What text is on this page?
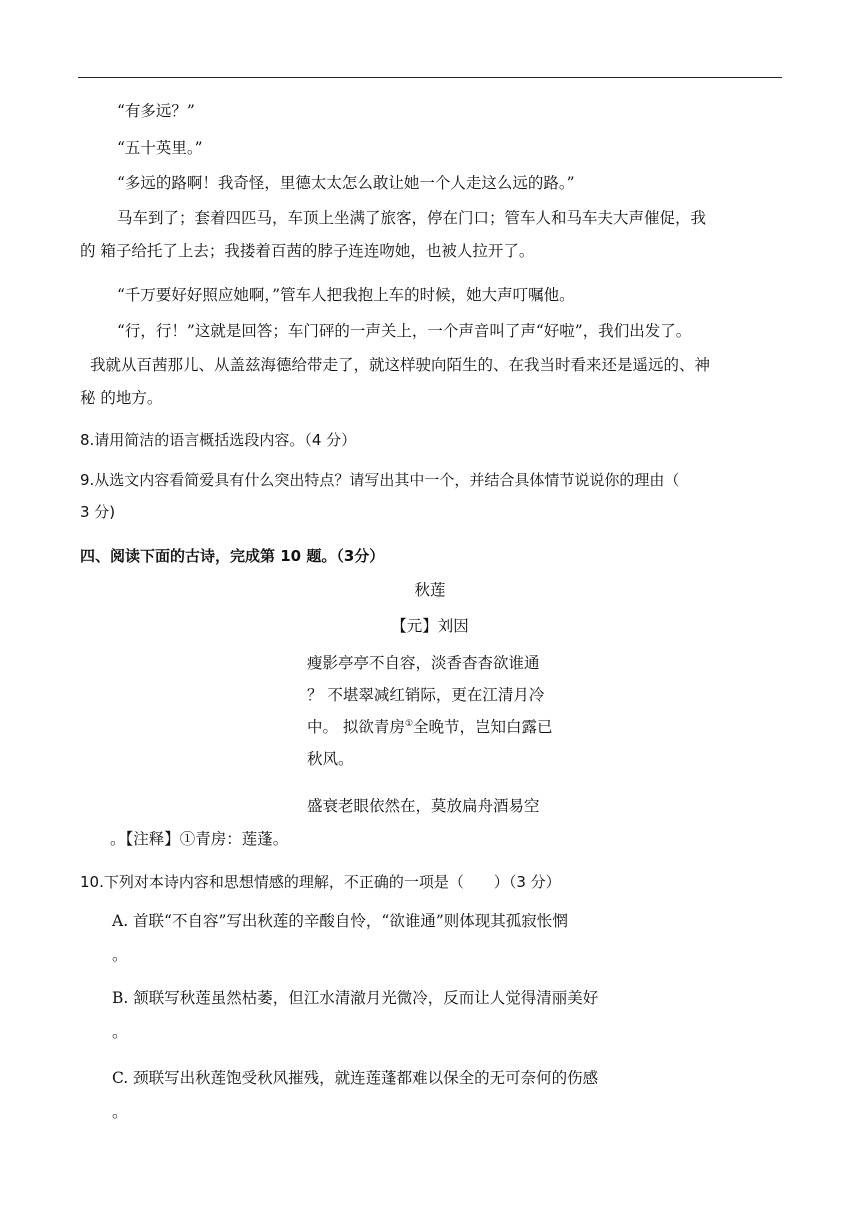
“有多远？”
“五十英里。”
“多远的路啊！我奇怪，里德太太怎么敢让她一个人走这么远的路。”
马车到了；套着四匹马，车顶上坐满了旅客，停在门口；管车人和马车夫大声催促，我
的 箱子给托了上去；我搂着百茜的脖子连连吻她，也被人拉开了。
“千万要好好照应她啊，”管车人把我抱上车的时候，她大声叮嘱他。
“行，行！”这就是回答；车门砰的一声关上，一个声音叫了声“好啦”，我们出发了。
我就从百茜那儿、从盖兹海德给带走了，就这样驶向陌生的、在我当时看来还是遥远的、神
秘 的地方。
8.请用简洁的语言概括选段内容。（4 分）
9.从选文内容看简爱具有什么突出特点？请写出其中一个，并结合具体情节说说你的理由（
3 分)
四、阅读下面的古诗，完成第 10 题。（3分）
秋莲
【元】刘因
瘦影亭亭不自容，淡香杳杳欲谁通
？ 不堪翠减红销际，更在江清月冷
中。 拟欲青房①全晚节，岂知白露已
秋风。
盛衰老眼依然在，莫放扁舟酒易空
。【注释】①青房：莲蓬。
10.下列对本诗内容和思想情感的理解，不正确的一项是（　　）（3 分）
A. 首联“不自容”写出秋莲的辛酸自怜，“欲谁通”则体现其孤寂怅惘
。
B. 颔联写秋莲虽然枯萎，但江水清澈月光微冷，反而让人觉得清丽美好
。
C. 颈联写出秋莲饱受秋风摧残，就连莲蓬都难以保全的无可奈何的伤感
。
